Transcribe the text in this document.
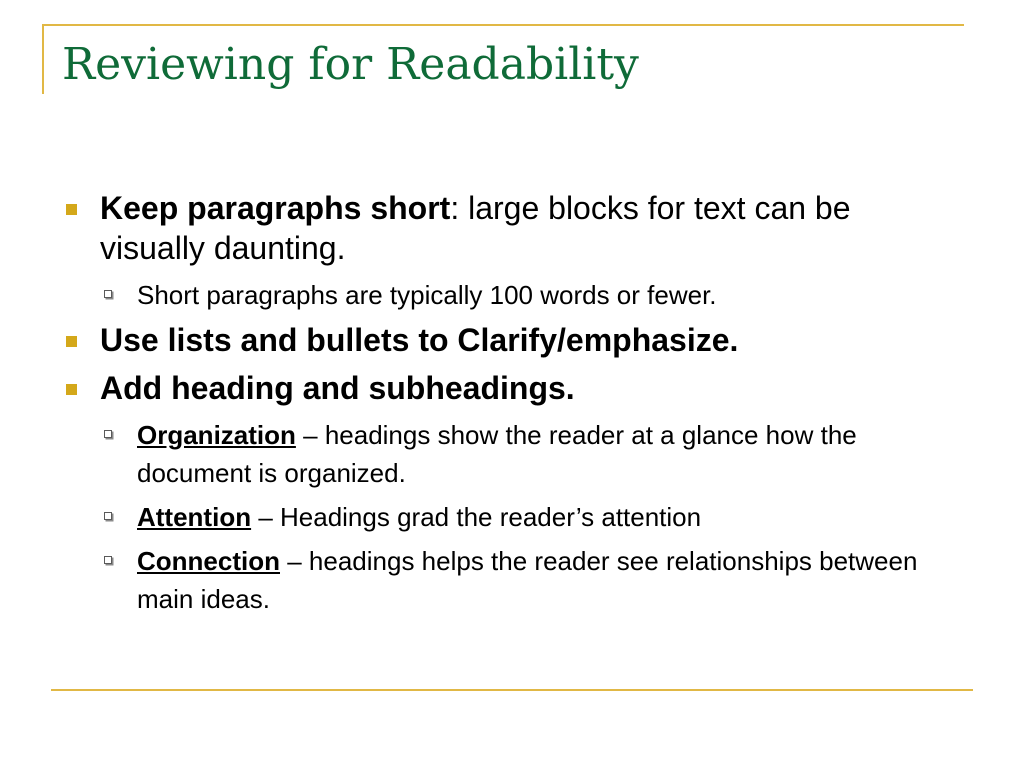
Reviewing for Readability
Keep paragraphs short: large blocks for text can be visually daunting.
Short paragraphs are typically 100 words or fewer.
Use lists and bullets to Clarify/emphasize.
Add heading and subheadings.
Organization – headings show the reader at a glance how the document is organized.
Attention – Headings grad the reader’s attention
Connection – headings helps the reader see relationships between main ideas.
